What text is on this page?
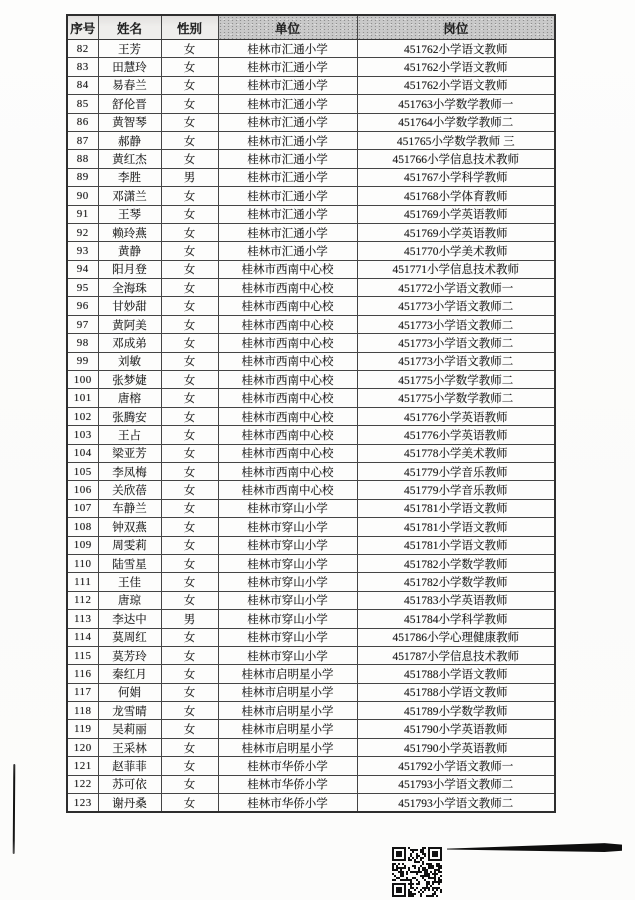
序号	姓名	性别	单位	岗位
82	王芳	女	桂林市汇通小学	451762小学语文教师
83	田慧玲	女	桂林市汇通小学	451762小学语文教师
84	易春兰	女	桂林市汇通小学	451762小学语文教师
85	舒伦晋	女	桂林市汇通小学	451763小学数学教师一
86	黄智琴	女	桂林市汇通小学	451764小学数学教师二
87	郝静	女	桂林市汇通小学	451765小学数学教师 三
88	黄红杰	女	桂林市汇通小学	451766小学信息技术教师
89	李胜	男	桂林市汇通小学	451767小学科学教师
90	邓潇兰	女	桂林市汇通小学	451768小学体育教师
91	王琴	女	桂林市汇通小学	451769小学英语教师
92	赖玲燕	女	桂林市汇通小学	451769小学英语教师
93	黄静	女	桂林市汇通小学	451770小学美术教师
94	阳月登	女	桂林市西南中心校	451771小学信息技术教师
95	全海珠	女	桂林市西南中心校	451772小学语文教师一
96	甘妙甜	女	桂林市西南中心校	451773小学语文教师二
97	黄阿美	女	桂林市西南中心校	451773小学语文教师二
98	邓成弟	女	桂林市西南中心校	451773小学语文教师二
99	刘敏	女	桂林市西南中心校	451773小学语文教师二
100	张梦婕	女	桂林市西南中心校	451775小学数学教师二
101	唐榕	女	桂林市西南中心校	451775小学数学教师二
102	张腾安	女	桂林市西南中心校	451776小学英语教师
103	王占	女	桂林市西南中心校	451776小学英语教师
104	梁亚芳	女	桂林市西南中心校	451778小学美术教师
105	李凤梅	女	桂林市西南中心校	451779小学音乐教师
106	关欣蓓	女	桂林市西南中心校	451779小学音乐教师
107	车静兰	女	桂林市穿山小学	451781小学语文教师
108	钟双燕	女	桂林市穿山小学	451781小学语文教师
109	周雯莉	女	桂林市穿山小学	451781小学语文教师
110	陆雪星	女	桂林市穿山小学	451782小学数学教师
111	王佳	女	桂林市穿山小学	451782小学数学教师
112	唐琼	女	桂林市穿山小学	451783小学英语教师
113	李达中	男	桂林市穿山小学	451784小学科学教师
114	莫周红	女	桂林市穿山小学	451786小学心理健康教师
115	莫芳玲	女	桂林市穿山小学	451787小学信息技术教师
116	秦红月	女	桂林市启明星小学	451788小学语文教师
117	何娟	女	桂林市启明星小学	451788小学语文教师
118	龙雪晴	女	桂林市启明星小学	451789小学数学教师
119	吴莉丽	女	桂林市启明星小学	451790小学英语教师
120	王采林	女	桂林市启明星小学	451790小学英语教师
121	赵菲菲	女	桂林市华侨小学	451792小学语文教师一
122	苏可依	女	桂林市华侨小学	451793小学语文教师二
123	谢丹桑	女	桂林市华侨小学	451793小学语文教师二
